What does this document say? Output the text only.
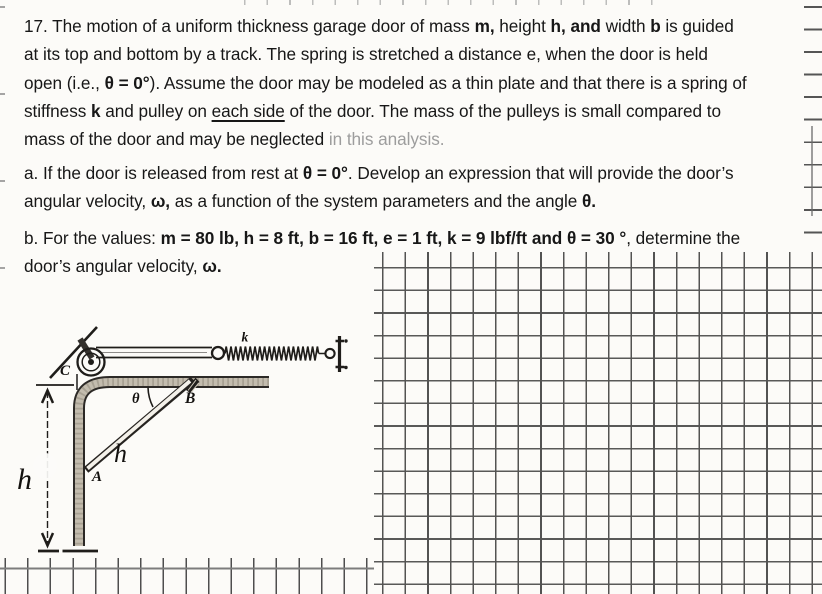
17. The motion of a uniform thickness garage door of mass m, height h, and width b is guided
at its top and bottom by a track. The spring is stretched a distance e, when the door is held
open (i.e., θ = 0°). Assume the door may be modeled as a thin plate and that there is a spring of
stiffness k and pulley on each side of the door. The mass of the pulleys is small compared to
mass of the door and may be neglected in this analysis.
a. If the door is released from rest at θ = 0°. Develop an expression that will provide the door’s
angular velocity, ω, as a function of the system parameters and the angle θ.
b. For the values: m = 80 lb, h = 8 ft, b = 16 ft, e = 1 ft, k = 9 lbf/ft and θ = 30 °, determine the
door’s angular velocity, ω.
C
k
A
B
θ
h
h
